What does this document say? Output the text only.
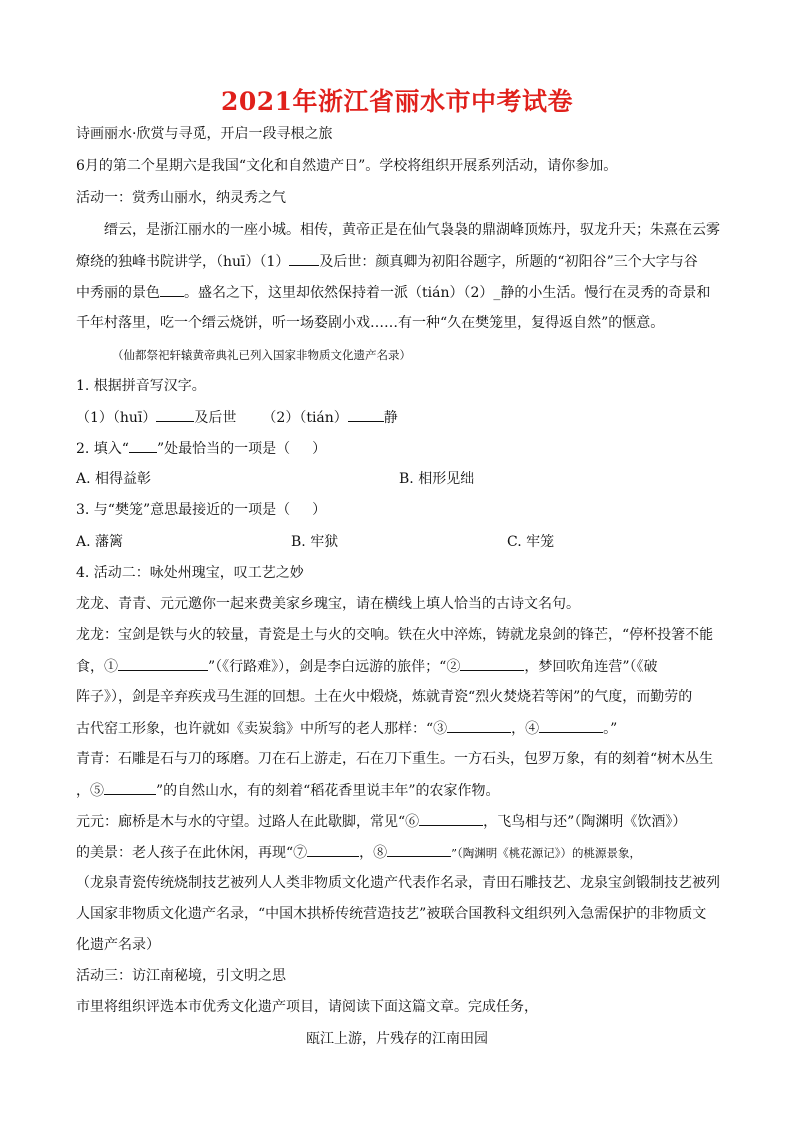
2021年浙江省丽水市中考试卷
诗画丽水·欣赏与寻觅，开启一段寻根之旅
6月的第二个星期六是我国“文化和自然遗产日”。学校将组织开展系列活动，请你参加。
活动一：赏秀山丽水，纳灵秀之气
缙云，是浙江丽水的一座小城。相传，黄帝正是在仙气袅袅的鼎湖峰顶炼丹，驭龙升天；朱熹在云雾
燎绕的独峰书院讲学，（huī）（1） 及后世：颜真卿为初阳谷题字，所题的“初阳谷”三个大字与谷
中秀丽的景色 。盛名之下，这里却依然保持着一派（tián）（2）_静的小生活。慢行在灵秀的奇景和
千年村落里，吃一个缙云烧饼，听一场婺剧小戏……有一种“久在樊笼里，复得返自然”的惬意。
（仙都祭祀轩辕黄帝典礼已列入国家非物质文化遗产名录）
1. 根据拼音写汉字。
（1）（huī）	及后世 （2）（tián）	静
2. 填入“ ”处最恰当的一项是（ ）
A. 相得益彰	B. 相形见绌
3. 与“樊笼”意思最接近的一项是（ ）
A. 藩篱	B. 牢狱	C. 牢笼
4. 活动二：咏处州瑰宝，叹工艺之妙
龙龙、青青、元元邀你一起来费美家乡瑰宝，请在横线上填人恰当的古诗文名句。
龙龙：宝剑是铁与火的较量，青瓷是土与火的交响。铁在火中淬炼，铸就龙泉剑的锋芒，“停杯投箸不能
食，①	”（《行路难》），剑是李白远游的旅伴；“②	，梦回吹角连营”（《破
阵子》），剑是辛弃疾戎马生涯的回想。土在火中煅烧，炼就青瓷“烈火焚烧若等闲”的气度，而勤劳的
古代窑工形象，也许就如《卖炭翁》中所写的老人那样：“③	，④	。”
青青：石雕是石与刀的琢磨。刀在石上游走，石在刀下重生。一方石头，包罗万象，有的刻着“树木丛生
，⑤	”的自然山水，有的刻着“稻花香里说丰年”的农家作物。
元元：廊桥是木与水的守望。过路人在此歇脚，常见“⑥	，飞鸟相与还”（陶渊明《饮酒》）
的美景：老人孩子在此休闲，再现“⑦	，⑧	”（陶渊明《桃花源记》）的桃源景象，
（龙泉青瓷传统烧制技艺被列人人类非物质文化遗产代表作名录，青田石雕技艺、龙泉宝剑锻制技艺被列
人国家非物质文化遗产名录，“中国木拱桥传统营造技艺”被联合国教科文组织列入急需保护的非物质文
化遗产名录）
活动三：访江南秘境，引文明之思
市里将组织评选本市优秀文化遗产项目，请阅读下面这篇文章。完成任务，
瓯江上游，片残存的江南田园
